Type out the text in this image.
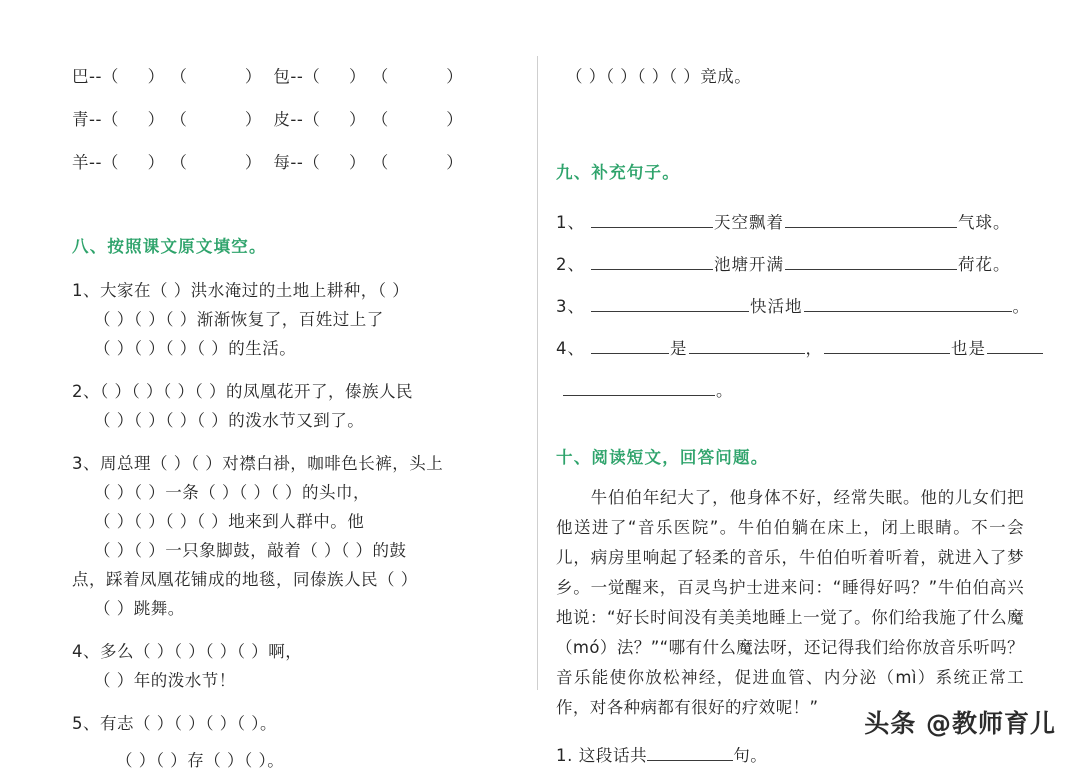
巴--（     ） （          ） 包--（     ） （          ）
青--（     ） （          ） 皮--（     ） （          ）
羊--（     ） （          ） 每--（     ） （          ）
八、按照课文原文填空。
1、大家在（ ）洪水淹过的土地上耕种，（ ）
（ ）（ ）（ ）渐渐恢复了，百姓过上了
（ ）（ ）（ ）（ ）的生活。
2、（ ）（ ）（ ）（ ）的凤凰花开了，傣族人民
（ ）（ ）（ ）（ ）的泼水节又到了。
3、周总理（ ）（ ）对襟白褂，咖啡色长裤，头上
（ ）（ ）一条（ ）（ ）（ ）的头巾，
（ ）（ ）（ ）（ ）地来到人群中。他
（ ）（ ）一只象脚鼓，敲着（ ）（ ）的鼓
点，踩着凤凰花铺成的地毯，同傣族人民（ ）
（ ）跳舞。
4、多么（ ）（ ）（ ）（ ）啊，
（ ）年的泼水节！
5、有志（ ）（ ）（ ）（ ）。
（ ）（ ）存（ ）（ ）。
（ ）（ ）（ ）（ ）竞成。
九、补充句子。
1、	天空飘着	气球。
2、	池塘开满	荷花。
3、	快活地	。
4、	是	，	也是
。
十、阅读短文，回答问题。
牛伯伯年纪大了，他身体不好，经常失眠。他的儿女们把他送进了“音乐医院”。牛伯伯躺在床上，闭上眼睛。不一会儿，病房里响起了轻柔的音乐，牛伯伯听着听着，就进入了梦乡。一觉醒来，百灵鸟护士进来问：“睡得好吗？”牛伯伯高兴地说：“好长时间没有美美地睡上一觉了。你们给我施了什么魔（mó）法？”“哪有什么魔法呀，还记得我们给你放音乐听吗？音乐能使你放松神经，促进血管、内分泌（mì）系统正常工作，对各种病都有很好的疗效呢！”
1. 这段话共	句。
头条 @教师育儿
